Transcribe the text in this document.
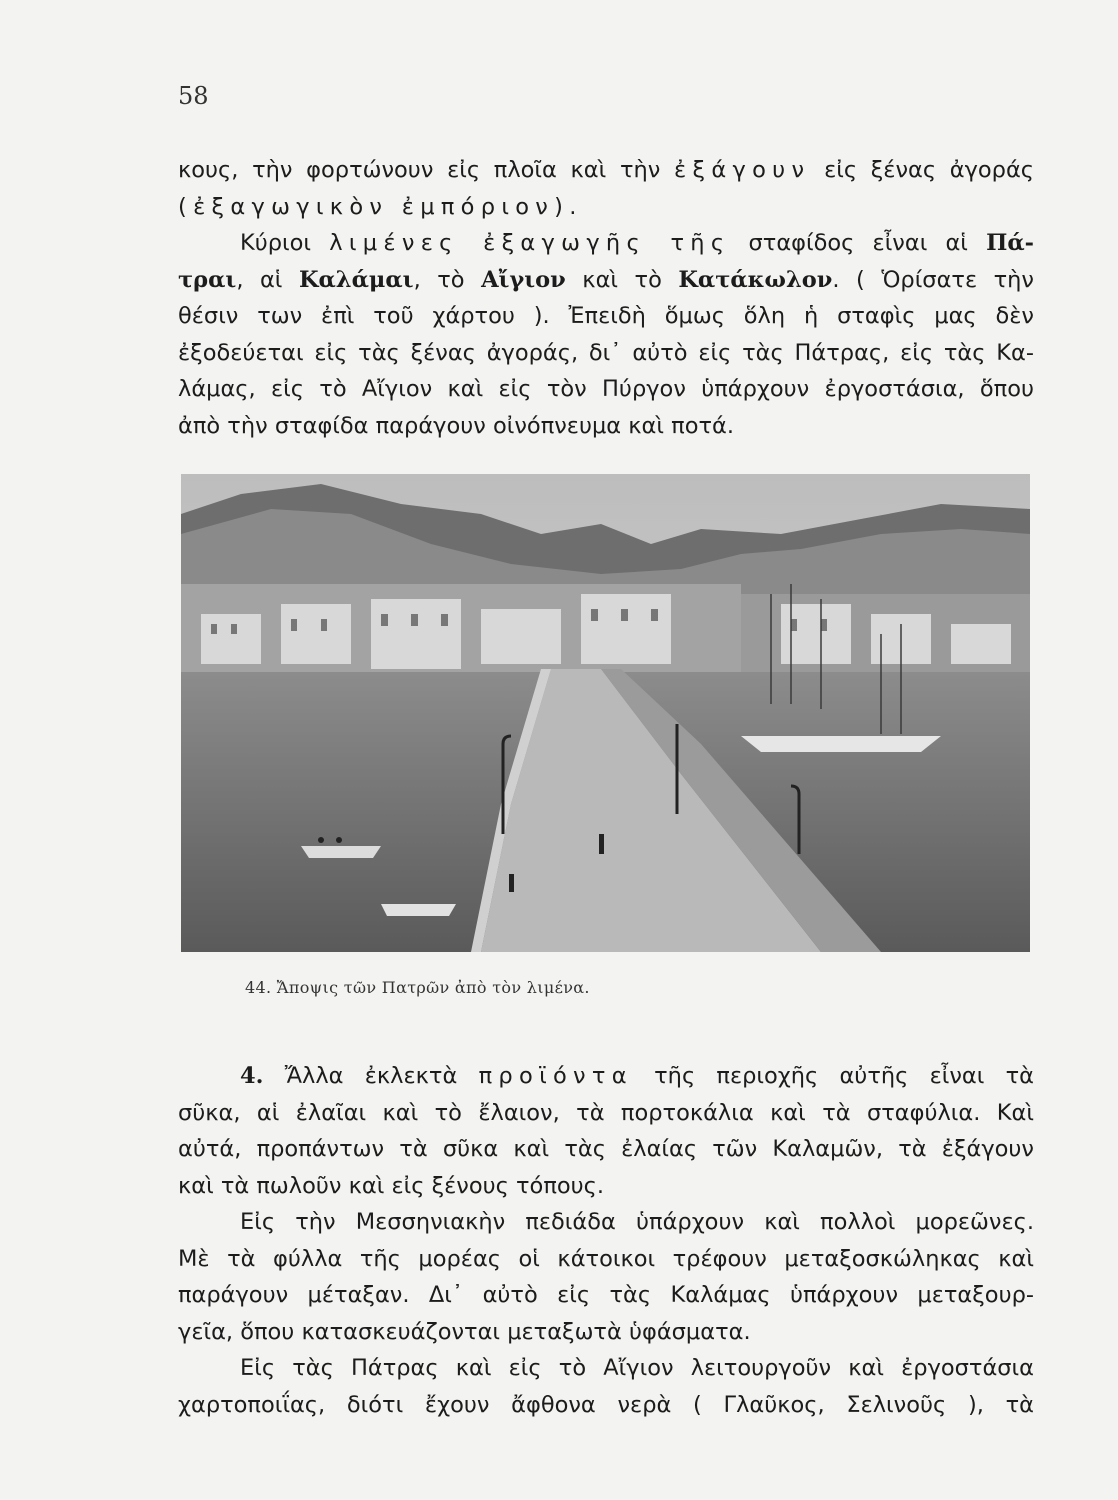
58
κους, τὴν φορτώνουν εἰς πλοῖα καὶ τὴν ἐξάγουν εἰς ξένας ἀγοράς
(ἐξαγωγικὸν ἐμπόριον).
Κύριοι λιμένες ἐξαγωγῆς τῆς σταφίδος εἶναι αἱ Πά-
τραι, αἱ Καλάμαι, τὸ Αἴγιον καὶ τὸ Κατάκωλον. ( Ὁρίσατε τὴν
θέσιν των ἐπὶ τοῦ χάρτου ). Ἐπειδὴ ὅμως ὅλη ἡ σταφὶς μας δὲν
ἐξοδεύεται εἰς τὰς ξένας ἀγοράς, δι᾿ αὐτὸ εἰς τὰς Πάτρας, εἰς τὰς Κα-
λάμας, εἰς τὸ Αἴγιον καὶ εἰς τὸν Πύργον ὑπάρχουν ἐργοστάσια, ὅπου
ἀπὸ τὴν σταφίδα παράγουν οἰνόπνευμα καὶ ποτά.
44. Ἄποψις τῶν Πατρῶν ἀπὸ τὸν λιμένα.
4. Ἄλλα ἐκλεκτὰ προϊόντα τῆς περιοχῆς αὐτῆς εἶναι τὰ
σῦκα, αἱ ἐλαῖαι καὶ τὸ ἔλαιον, τὰ πορτοκάλια καὶ τὰ σταφύλια. Καὶ
αὐτά, προπάντων τὰ σῦκα καὶ τὰς ἐλαίας τῶν Καλαμῶν, τὰ ἐξάγουν
καὶ τὰ πωλοῦν καὶ εἰς ξένους τόπους.
Εἰς τὴν Μεσσηνιακὴν πεδιάδα ὑπάρχουν καὶ πολλοὶ μορεῶνες.
Μὲ τὰ φύλλα τῆς μορέας οἱ κάτοικοι τρέφουν μεταξοσκώληκας καὶ
παράγουν μέταξαν. Δι᾿ αὐτὸ εἰς τὰς Καλάμας ὑπάρχουν μεταξουρ-
γεῖα, ὅπου κατασκευάζονται μεταξωτὰ ὑφάσματα.
Εἰς τὰς Πάτρας καὶ εἰς τὸ Αἴγιον λειτουργοῦν καὶ ἐργοστάσια
χαρτοποιΐας, διότι ἔχουν ἄφθονα νερὰ ( Γλαῦκος, Σελινοῦς ), τὰ
